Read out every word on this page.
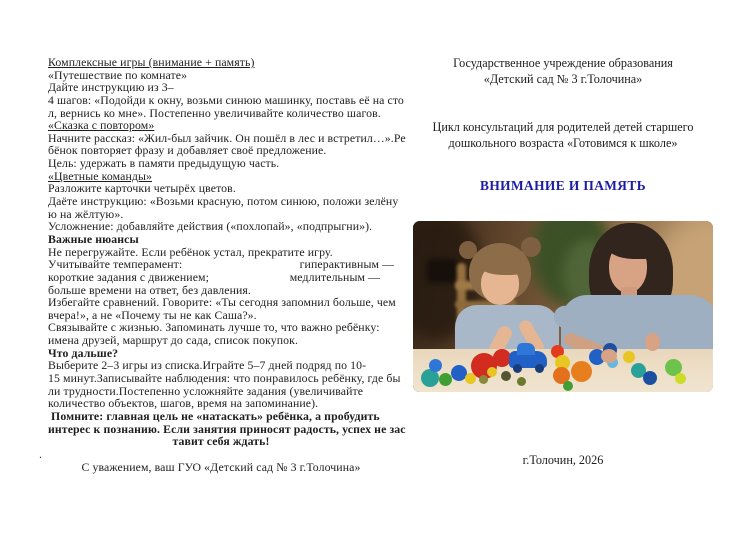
Комплексные игры (внимание + память)
«Путешествие по комнате»
Дайте инструкцию из 3–
4 шагов: «Подойди к окну, возьми синюю машинку, поставь её на сто
л, вернись ко мне». Постепенно увеличивайте количество шагов.
«Сказка с повтором»
Начните рассказ: «Жил-был зайчик. Он пошёл в лес и встретил…».Ре
бёнок повторяет фразу и добавляет своё предложение.
Цель: удержать в памяти предыдущую часть.
«Цветные команды»
Разложите карточки четырёх цветов.
Даёте инструкцию: «Возьми красную, потом синюю, положи зелёну
ю на жёлтую».
Усложнение: добавляйте действия («похлопай», «подпрыгни»).
Важные нюансы
Не перегружайте. Если ребёнок устал, прекратите игру.
Учитывайте темперамент:	гиперактивным —
короткие задания с движением;	медлительным —
больше времени на ответ, без давления.
Избегайте сравнений. Говорите: «Ты сегодня запомнил больше, чем
вчера!», а не «Почему ты не как Саша?».
Связывайте с жизнью. Запоминать лучше то, что важно ребёнку:
имена друзей, маршрут до сада, список покупок.
Что дальше?
Выберите 2–3 игры из списка.Играйте 5–7 дней подряд по 10-
15 минут.Записывайте наблюдения: что понравилось ребёнку, где бы
ли трудности.Постепенно усложняйте задания (увеличивайте
количество объектов, шагов, время на запоминание).
Помните: главная цель не «натаскать» ребёнка, а пробудить
интерес к познанию. Если занятия приносят радость, успех не зас
тавит себя ждать!
.
С уважением, ваш ГУО «Детский сад № 3 г.Толочина»
Государственное учреждение образования
«Детский сад № 3 г.Толочина»
Цикл консультаций для родителей детей старшего
дошкольного возраста «Готовимся к школе»
ВНИМАНИЕ И ПАМЯТЬ
г.Толочин, 2026
